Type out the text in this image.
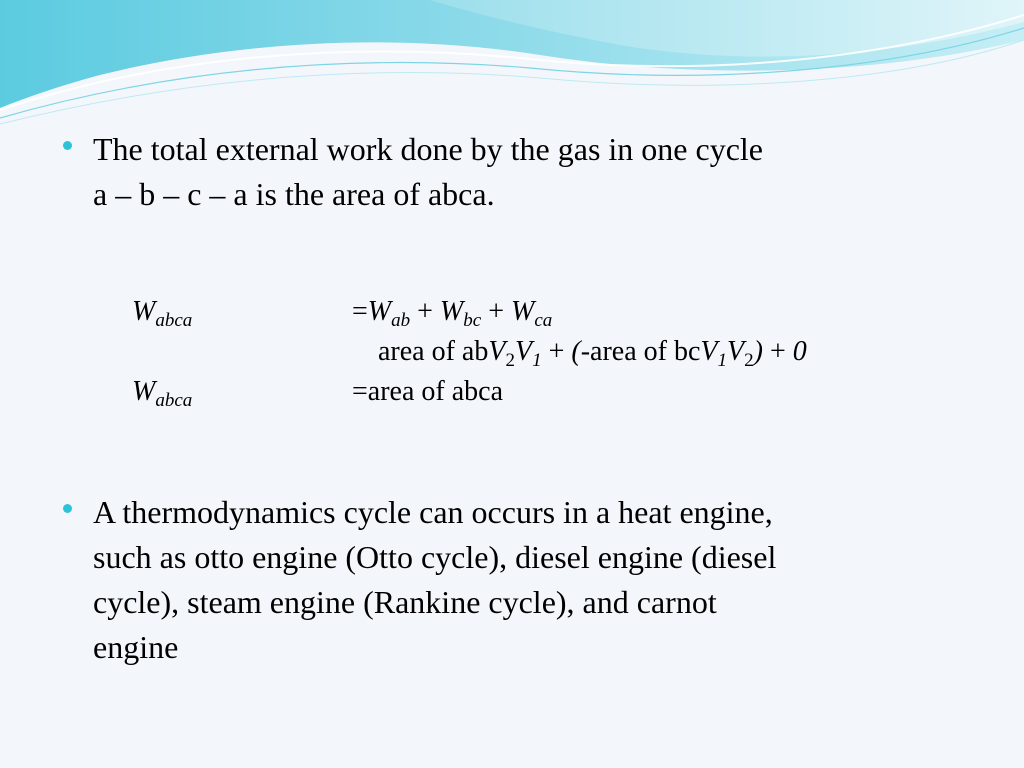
The total external work done by the gas in one cycle
a – b – c – a is the area of abca.
$W_{abca}$	$=W_{ab} + W_{bc} + W_{ca}$
area of $abV_2V_1$ + (-area of $bcV_1V_2) + 0$
$W_{abca}$	=area of abca
A thermodynamics cycle can occurs in a heat engine,
such as otto engine (Otto cycle), diesel engine (diesel
cycle), steam engine (Rankine cycle), and carnot
engine
